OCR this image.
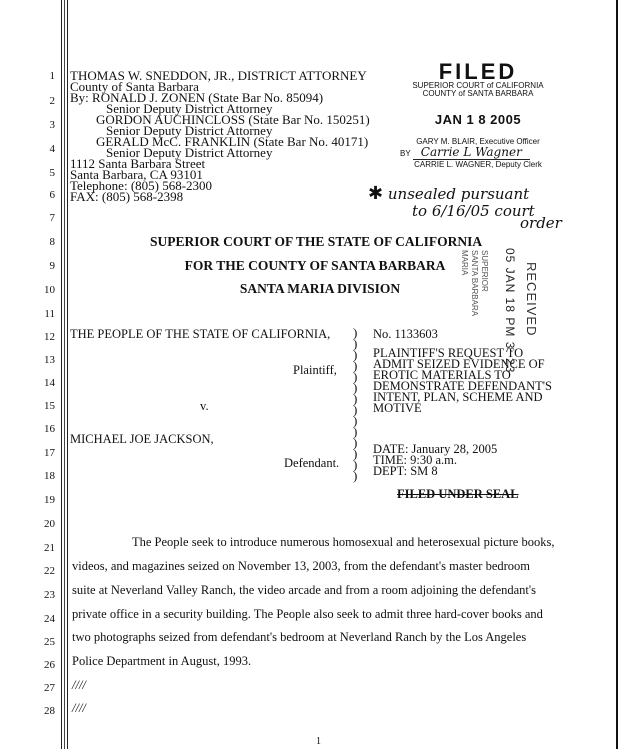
1
2
3
4
5
6
7
8
9
10
11
12
13
14
15
16
17
18
19
20
21
22
23
24
25
26
27
28
THOMAS W. SNEDDON, JR., DISTRICT ATTORNEY
County of Santa Barbara
By: RONALD J. ZONEN (State Bar No. 85094)
Senior Deputy District Attorney
GORDON AUCHINCLOSS (State Bar No. 150251)
Senior Deputy District Attorney
GERALD McC. FRANKLIN (State Bar No. 40171)
Senior Deputy District Attorney
1112 Santa Barbara Street
Santa Barbara, CA 93101
Telephone: (805) 568-2300
FAX: (805) 568-2398
FILED
SUPERIOR COURT of CALIFORNIA
COUNTY of SANTA BARBARA
JAN 1 8 2005
GARY M. BLAIR, Executive Officer
BY Carrie L Wagner
CARRIE L. WAGNER, Deputy Clerk
✱ unsealed pursuant
to 6/16/05 court
order
SUPERIOR COURT OF THE STATE OF CALIFORNIA
FOR THE COUNTY OF SANTA BARBARA
SANTA MARIA DIVISION	RECEIVED
05 JAN 18 PM 3: 23
SUPERIOR
SANTA BARBARA
MARIA
THE PEOPLE OF THE STATE OF CALIFORNIA,
Plaintiff,
v.
MICHAEL JOE JACKSON,
Defendant.
)
)
)
)
)
)
)
)
)
)
)
)
)
)
No. 1133603
PLAINTIFF'S REQUEST TO
ADMIT SEIZED EVIDENCE OF
EROTIC MATERIALS TO
DEMONSTRATE DEFENDANT'S
INTENT, PLAN, SCHEME AND
MOTIVE
DATE: January 28, 2005
TIME: 9:30 a.m.
DEPT: SM 8
FILED UNDER SEAL
The People seek to introduce numerous homosexual and heterosexual picture books,
videos, and magazines seized on November 13, 2003, from the defendant's master bedroom
suite at Neverland Valley Ranch, the video arcade and from a room adjoining the defendant's
private office in a security building. The People also seek to admit three hard-cover books and
two photographs seized from defendant's bedroom at Neverland Ranch by the Los Angeles
Police Department in August, 1993.
////
////
1
